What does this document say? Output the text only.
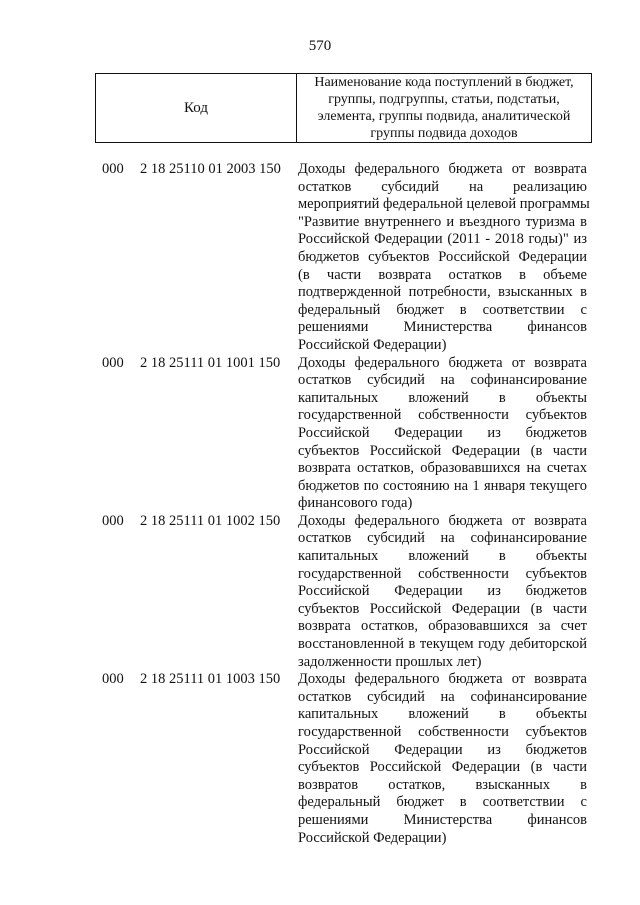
570
Код
Наименование кода поступлений в бюджет, группы, подгруппы, статьи, подстатьи, элемента, группы подвида, аналитической группы подвида доходов
000 2 18 25110 01 2003 150 Доходы федерального бюджета от возврата
остатков субсидий на реализацию
мероприятий федеральной целевой программы
"Развитие внутреннего и въездного туризма в
Российской Федерации (2011 - 2018 годы)" из
бюджетов субъектов Российской Федерации
(в части возврата остатков в объеме
подтвержденной потребности, взысканных в
федеральный бюджет в соответствии с
решениями Министерства финансов
Российской Федерации)
000 2 18 25111 01 1001 150 Доходы федерального бюджета от возврата
остатков субсидий на софинансирование
капитальных вложений в объекты
государственной собственности субъектов
Российской Федерации из бюджетов
субъектов Российской Федерации (в части
возврата остатков, образовавшихся на счетах
бюджетов по состоянию на 1 января текущего
финансового года)
000 2 18 25111 01 1002 150 Доходы федерального бюджета от возврата
остатков субсидий на софинансирование
капитальных вложений в объекты
государственной собственности субъектов
Российской Федерации из бюджетов
субъектов Российской Федерации (в части
возврата остатков, образовавшихся за счет
восстановленной в текущем году дебиторской
задолженности прошлых лет)
000 2 18 25111 01 1003 150 Доходы федерального бюджета от возврата
остатков субсидий на софинансирование
капитальных вложений в объекты
государственной собственности субъектов
Российской Федерации из бюджетов
субъектов Российской Федерации (в части
возвратов остатков, взысканных в
федеральный бюджет в соответствии с
решениями Министерства финансов
Российской Федерации)
